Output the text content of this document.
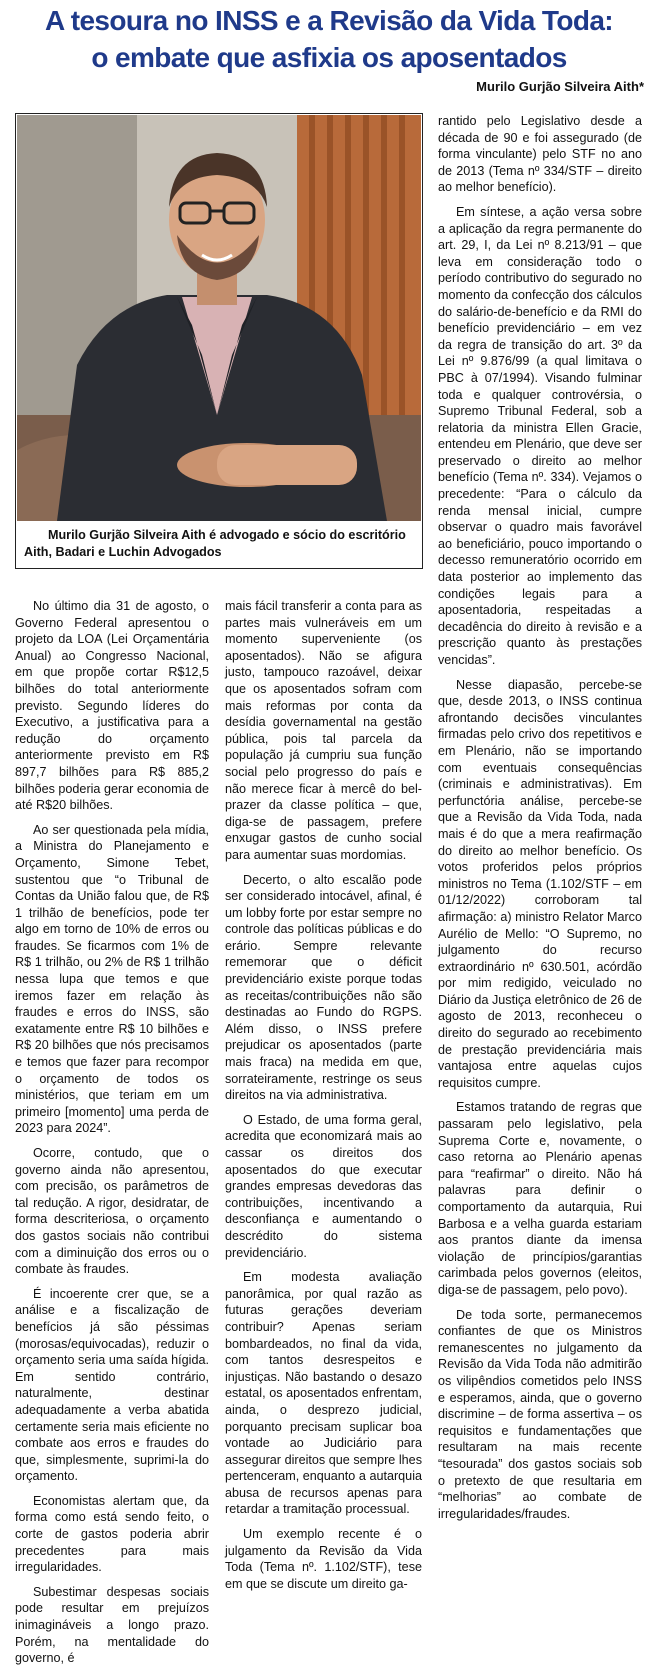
A tesoura no INSS e a Revisão da Vida Toda:
o embate que asfixia os aposentados
Murilo Gurjão Silveira Aith*
Murilo Gurjão Silveira Aith é advogado e sócio do escritório Aith, Badari e Luchin Advogados

No último dia 31 de agosto, o Governo Federal apresentou o projeto da LOA (Lei Orçamentária Anual) ao Congresso Nacional, em que propõe cortar R$12,5 bilhões do total anteriormente previsto. Segundo líderes do Executivo, a justificativa para a redução do orçamento anteriormente previsto em R$ 897,7 bilhões para R$ 885,2 bilhões poderia gerar economia de até R$20 bilhões.

Ao ser questionada pela mídia, a Ministra do Planejamento e Orçamento, Simone Tebet, sustentou que “o Tribunal de Contas da União falou que, de R$ 1 trilhão de benefícios, pode ter algo em torno de 10% de erros ou fraudes. Se ficarmos com 1% de R$ 1 trilhão, ou 2% de R$ 1 trilhão nessa lupa que temos e que iremos fazer em relação às fraudes e erros do INSS, são exatamente entre R$ 10 bilhões e R$ 20 bilhões que nós precisamos e temos que fazer para recompor o orçamento de todos os ministérios, que teriam em um primeiro [momento] uma perda de 2023 para 2024”.

Ocorre, contudo, que o governo ainda não apresentou, com precisão, os parâmetros de tal redução. A rigor, desidratar, de forma descriteriosa, o orçamento dos gastos sociais não contribui com a diminuição dos erros ou o combate às fraudes.

É incoerente crer que, se a análise e a fiscalização de benefícios já são péssimas (morosas/equivocadas), reduzir o orçamento seria uma saída hígida. Em sentido contrário, naturalmente, destinar adequadamente a verba abatida certamente seria mais eficiente no combate aos erros e fraudes do que, simplesmente, suprimi-la do orçamento.

Economistas alertam que, da forma como está sendo feito, o corte de gastos poderia abrir precedentes para mais irregularidades.

Subestimar despesas sociais pode resultar em prejuízos inimagináveis a longo prazo. Porém, na mentalidade do governo, é

mais fácil transferir a conta para as partes mais vulneráveis em um momento superveniente (os aposentados). Não se afigura justo, tampouco razoável, deixar que os aposentados sofram com mais reformas por conta da desídia governamental na gestão pública, pois tal parcela da população já cumpriu sua função social pelo progresso do país e não merece ficar à mercê do bel-prazer da classe política – que, diga-se de passagem, prefere enxugar gastos de cunho social para aumentar suas mordomias.

Decerto, o alto escalão pode ser considerado intocável, afinal, é um lobby forte por estar sempre no controle das políticas públicas e do erário. Sempre relevante rememorar que o déficit previdenciário existe porque todas as receitas/contribuições não são destinadas ao Fundo do RGPS. Além disso, o INSS prefere prejudicar os aposentados (parte mais fraca) na medida em que, sorrateiramente, restringe os seus direitos na via administrativa.

O Estado, de uma forma geral, acredita que economizará mais ao cassar os direitos dos aposentados do que executar grandes empresas devedoras das contribuições, incentivando a desconfiança e aumentando o descrédito do sistema previdenciário.

Em modesta avaliação panorâmica, por qual razão as futuras gerações deveriam contribuir? Apenas seriam bombardeados, no final da vida, com tantos desrespeitos e injustiças. Não bastando o desazo estatal, os aposentados enfrentam, ainda, o desprezo judicial, porquanto precisam suplicar boa vontade ao Judiciário para assegurar direitos que sempre lhes pertenceram, enquanto a autarquia abusa de recursos apenas para retardar a tramitação processual.

Um exemplo recente é o julgamento da Revisão da Vida Toda (Tema nº. 1.102/STF), tese em que se discute um direito ga-

rantido pelo Legislativo desde a década de 90 e foi assegurado (de forma vinculante) pelo STF no ano de 2013 (Tema nº 334/STF – direito ao melhor benefício).

Em síntese, a ação versa sobre a aplicação da regra permanente do art. 29, I, da Lei nº 8.213/91 – que leva em consideração todo o período contributivo do segurado no momento da confecção dos cálculos do salário-de-benefício e da RMI do benefício previdenciário – em vez da regra de transição do art. 3º da Lei nº 9.876/99 (a qual limitava o PBC à 07/1994). Visando fulminar toda e qualquer controvérsia, o Supremo Tribunal Federal, sob a relatoria da ministra Ellen Gracie, entendeu em Plenário, que deve ser preservado o direito ao melhor benefício (Tema nº. 334). Vejamos o precedente: “Para o cálculo da renda mensal inicial, cumpre observar o quadro mais favorável ao beneficiário, pouco importando o decesso remuneratório ocorrido em data posterior ao implemento das condições legais para a aposentadoria, respeitadas a decadência do direito à revisão e a prescrição quanto às prestações vencidas”.

Nesse diapasão, percebe-se que, desde 2013, o INSS continua afrontando decisões vinculantes firmadas pelo crivo dos repetitivos e em Plenário, não se importando com eventuais consequências (criminais e administrativas). Em perfunctória análise, percebe-se que a Revisão da Vida Toda, nada mais é do que a mera reafirmação do direito ao melhor benefício. Os votos proferidos pelos próprios ministros no Tema (1.102/STF – em 01/12/2022) corroboram tal afirmação: a) ministro Relator Marco Aurélio de Mello: “O Supremo, no julgamento do recurso extraordinário nº 630.501, acórdão por mim redigido, veiculado no Diário da Justiça eletrônico de 26 de agosto de 2013, reconheceu o direito do segurado ao recebimento de prestação previdenciária mais vantajosa entre aquelas cujos requisitos cumpre.

Estamos tratando de regras que passaram pelo legislativo, pela Suprema Corte e, novamente, o caso retorna ao Plenário apenas para “reafirmar” o direito. Não há palavras para definir o comportamento da autarquia, Rui Barbosa e a velha guarda estariam aos prantos diante da imensa violação de princípios/garantias carimbada pelos governos (eleitos, diga-se de passagem, pelo povo).

De toda sorte, permanecemos confiantes de que os Ministros remanescentes no julgamento da Revisão da Vida Toda não admitirão os vilipêndios cometidos pelo INSS e esperamos, ainda, que o governo discrimine – de forma assertiva – os requisitos e fundamentações que resultaram na mais recente “tesourada” dos gastos sociais sob o pretexto de que resultaria em “melhorias” ao combate de irregularidades/fraudes.
